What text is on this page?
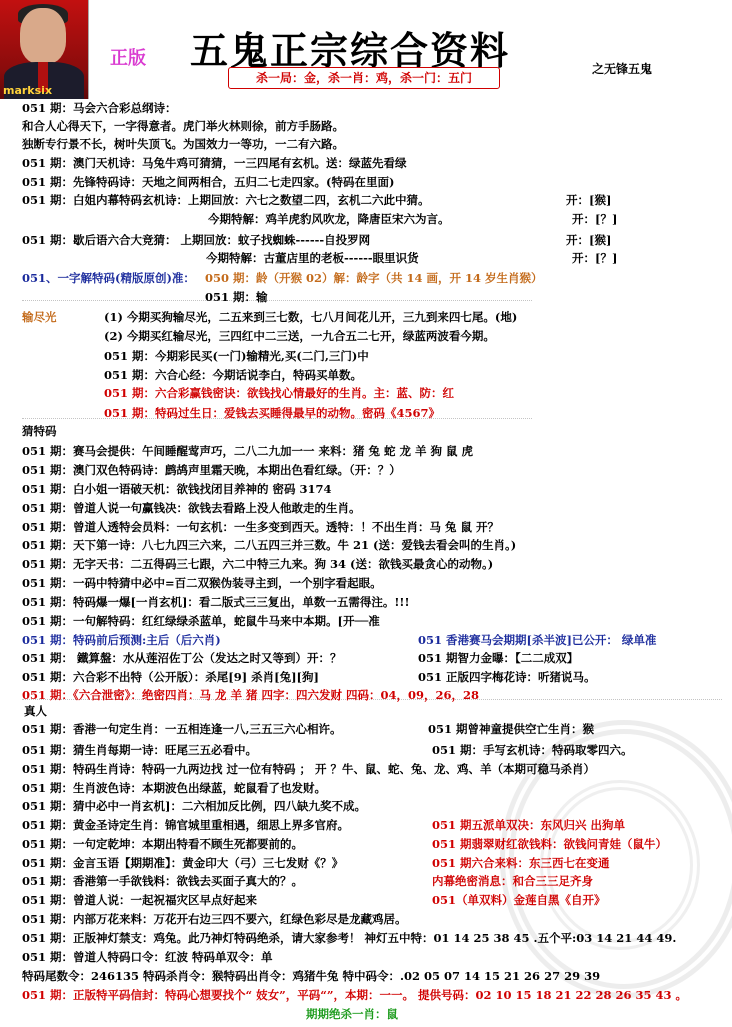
marksix
正版 五鬼正宗综合资料	之无锋五鬼
杀一局：金，杀一肖：鸡，杀一门：五门
051 期：马会六合彩总纲诗：
和合人心得天下，一字得意者。虎门举火林则徐，前方手肠路。
独断专行景不长，树叶失顶飞。为国效力一等功，一二有六路。
051 期：澳门天机诗：马兔牛鸡可猜猜，一三四尾有玄机。送：绿蓝先看绿
051 期：先锋特码诗：天地之间两相合，五归二七走四家。(特码在里面)
051 期：白姐内幕特码玄机诗：上期回放：六七之数望二四，玄机二六此中猜。	开：[猴]
今期特解：鸡羊虎豹风吹龙，降唐臣宋六为言。	开：[？]
051 期：歇后语六合大竞猜： 上期回放：蚊子找蜘蛛------自投罗网	开：[猴]
今期特解：古董店里的老板------眼里识货	开：[？]
051、一字解特码(精版原创)准： 050 期：龄（开猴 02）解：龄字（共 14 画，开 14 岁生肖猴）
051 期：输
输尽光	(1) 今期买狗输尽光，二五来到三七数，七八月间花儿开，三九到来四七尾。(地)
(2) 今期买红输尽光，三四红中二三送，一九合五二七开，绿蓝两波看今期。
051 期：今期彩民买(一门)输精光,买(二门,三门)中
051 期：六合心经：今期话说李白，特码买单数。
051 期：六合彩赢钱密诀：欲钱找心情最好的生肖。主：蓝、防：红
051 期：特码过生日：爱钱去买睡得最早的动物。密码《4567》
猜特码
051 期：赛马会提供：午间睡醒莺声巧，二八二九加一一 来料：猪 兔 蛇 龙 羊 狗 鼠 虎
051 期：澳门双色特码诗：鹧鸪声里霜天晚，本期出色看红绿。（开：？）
051 期：白小姐一语破天机：欲钱找闭目养神的 密码 3174
051 期：曾道人说一句赢钱决：欲钱去看路上没人他敢走的生肖。
051 期：曾道人透特会员料：一句玄机：一生多变到西天。透特：！不出生肖：马 兔 鼠 开？
051 期：天下第一诗：八七九四三六来，二八五四三并三数。牛 21 (送：爱钱去看会叫的生肖。)
051 期：无字天书：二五得码三七跟，六二中特三九来。狗 34 (送：欲钱买最贪心的动物。)
051 期：一码中特猜中必中=百二双猴伪装寻主到，一个别字看起眼。
051 期：特码爆一爆[一肖玄机]：看二版式三三复出，单数一五需得注。!!!
051 期：一句解特码：红红绿绿杀蓝单，蛇鼠牛马来中本期。[开──准
051 期：特码前后预测:主后（后六肖)	051 香港赛马会期期[杀半波]已公开： 绿单准
051 期： 鐵算盤：水从莲沼佐丁公（发达之时又等到）开：？	051 期智力金曝：【二二成双】
051 期：六合彩不出特（公开版）：杀尾[9] 杀肖[兔][狗]	051 正版四字梅花诗：听猪说马。
051 期：《六合泄密》：绝密四肖：马 龙 羊 猪 四字：四六发财 四码：04，09，26，28
真人
051 期：香港一句定生肖：一五相连逢一八,三五三六心相许。	051 期曾神童提供空亡生肖：猴
051 期：猜生肖每期一诗：旺尾三五必看中。	051 期：手写玄机诗：特码取零四六。
051 期：特码生肖诗：特码一九两边找 过一位有特码 ； 开 ？牛、鼠、蛇、兔、龙、鸡、羊（本期可稳马杀肖）
051 期：生肖波色诗：本期波色出绿蓝，蛇鼠看了也发财。
051 期：猜中必中一肖玄机]：二六相加反比例，四八缺九奖不成。
051 期：黄金圣诗定生肖：锦官城里重相遇，细思上界多官府。	051 期五派单双决：东风归兴 出狗单
051 期：一句定乾坤：本期出特看不顾生死都要前的。	051 期翡翠财红欲钱料：欲钱问青娃（鼠牛）
051 期：金言玉语【期期准】：黄金印大（弓）三七发财《？》	051 期六合来料：东三西七在变通
051 期：香港第一手欲钱料：欲钱去买面子真大的？。	内幕绝密消息：和合三三足齐身
051 期：曾道人说：一起祝福灾区早点好起来	051（单双料）金莲自黑《自开》
051 期：内部万花来料：万花开右边三四不要六，红绿色彩尽是龙藏鸡居。
051 期：正版神灯禁支：鸡兔。此乃神灯特码绝杀，请大家参考！ 神灯五中特：01 14 25 38 45 .五个平:03 14 21 44 49.
051 期：曾道人特码口令：红波 特码单双令：单
特码尾数令：246135 特码杀肖令：猴特码出肖令：鸡猪牛兔 特中码令：.02 05 07 14 15 21 26 27 29 39
051 期：正版特平码信封：特码心想要找个“ 妓女”，平码“”，本期：一一。 提供号码：02 10 15 18 21 22 28 26 35 43 。
期期绝杀一肖：鼠
